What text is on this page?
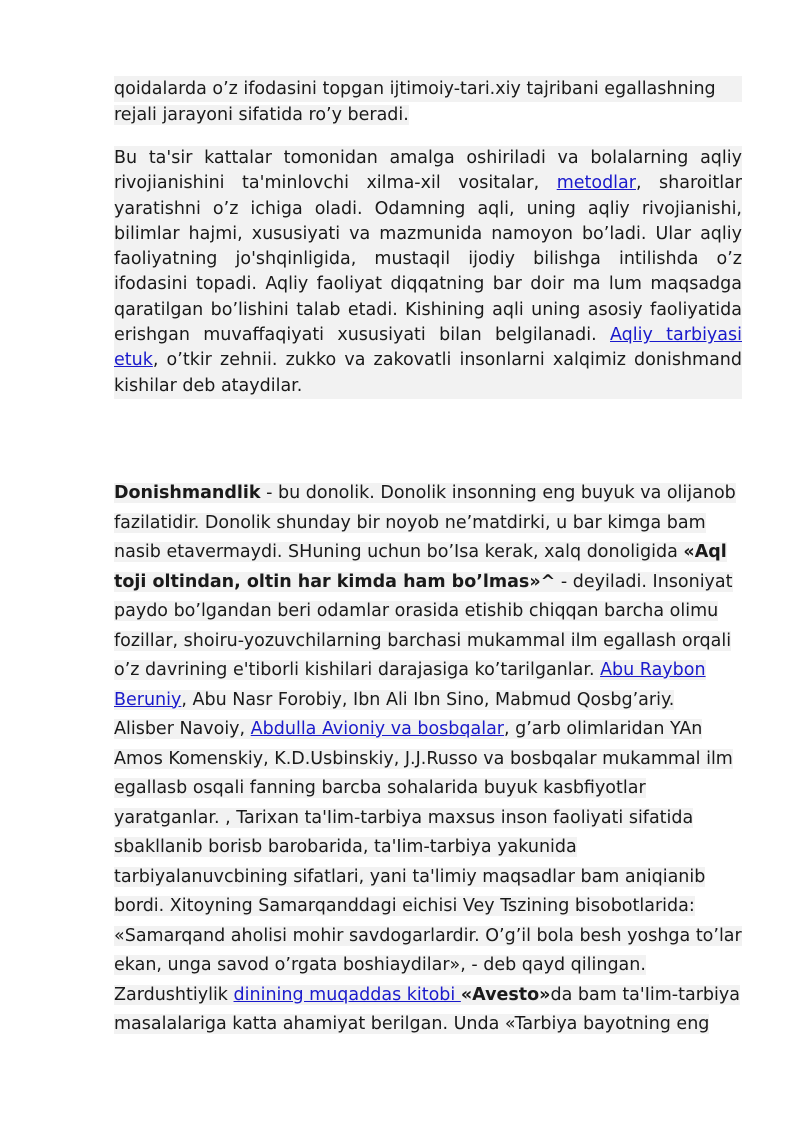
qoidalarda o’z ifodasini topgan ijtimoiy-tari.xiy tajribani egallashning
rejali jarayoni sifatida ro’y beradi.
Bu ta'sir kattalar tomonidan amalga oshiriladi va bolalarning aqliy
rivojianishini ta'minlovchi xilma-xil vositalar, metodlar, sharoitlar
yaratishni o’z ichiga oladi. Odamning aqli, uning aqliy rivojianishi,
bilimlar hajmi, xususiyati va mazmunida namoyon bo’ladi. Ular aqliy
faoliyatning jo'shqinligida, mustaqil ijodiy bilishga intilishda o’z
ifodasini topadi. Aqliy faoliyat diqqatning bar doir ma lum maqsadga
qaratilgan bo’lishini talab etadi. Kishining aqli uning asosiy faoliyatida
erishgan muvaffaqiyati xususiyati bilan belgilanadi. Aqliy tarbiyasi
etuk, o’tkir zehnii. zukko va zakovatli insonlarni xalqimiz donishmand
kishilar deb ataydilar.
Donishmandlik - bu donolik. Donolik insonning eng buyuk va olijanob
fazilatidir. Donolik shunday bir noyob ne’matdirki, u bar kimga bam
nasib etavermaydi. SHuning uchun bo’Isa kerak, xalq donoligida «Aql
toji oltindan, oltin har kimda ham bo’lmas»^ - deyiladi. Insoniyat
paydo bo’lgandan beri odamlar orasida etishib chiqqan barcha olimu
fozillar, shoiru-yozuvchilarning barchasi mukammal ilm egallash orqali
o’z davrining e'tiborli kishilari darajasiga ko’tarilganlar. Abu Raybon
Beruniy, Abu Nasr Forobiy, Ibn Ali Ibn Sino, Mabmud Qosbg’ariy.
Alisber Navoiy, Abdulla Avioniy va bosbqalar, g’arb olimlaridan YAn
Amos Komenskiy, K.D.Usbinskiy, J.J.Russo va bosbqalar mukammal ilm
egallasb osqali fanning barcba sohalarida buyuk kasbfiyotlar
yaratganlar. , Tarixan ta'Iim-tarbiya maxsus inson faoliyati sifatida
sbakllanib borisb barobarida, ta'Iim-tarbiya yakunida
tarbiyalanuvcbining sifatlari, yani ta'limiy maqsadlar bam aniqianib
bordi. Xitoyning Samarqanddagi eichisi Vey Tszining bisobotlarida:
«Samarqand aholisi mohir savdogarlardir. O’g’il bola besh yoshga to’lar
ekan, unga savod o’rgata boshiaydilar», - deb qayd qilingan.
Zardushtiylik dinining muqaddas kitobi «Avesto»da bam ta'Iim-tarbiya
masalalariga katta ahamiyat berilgan. Unda «Tarbiya bayotning eng
